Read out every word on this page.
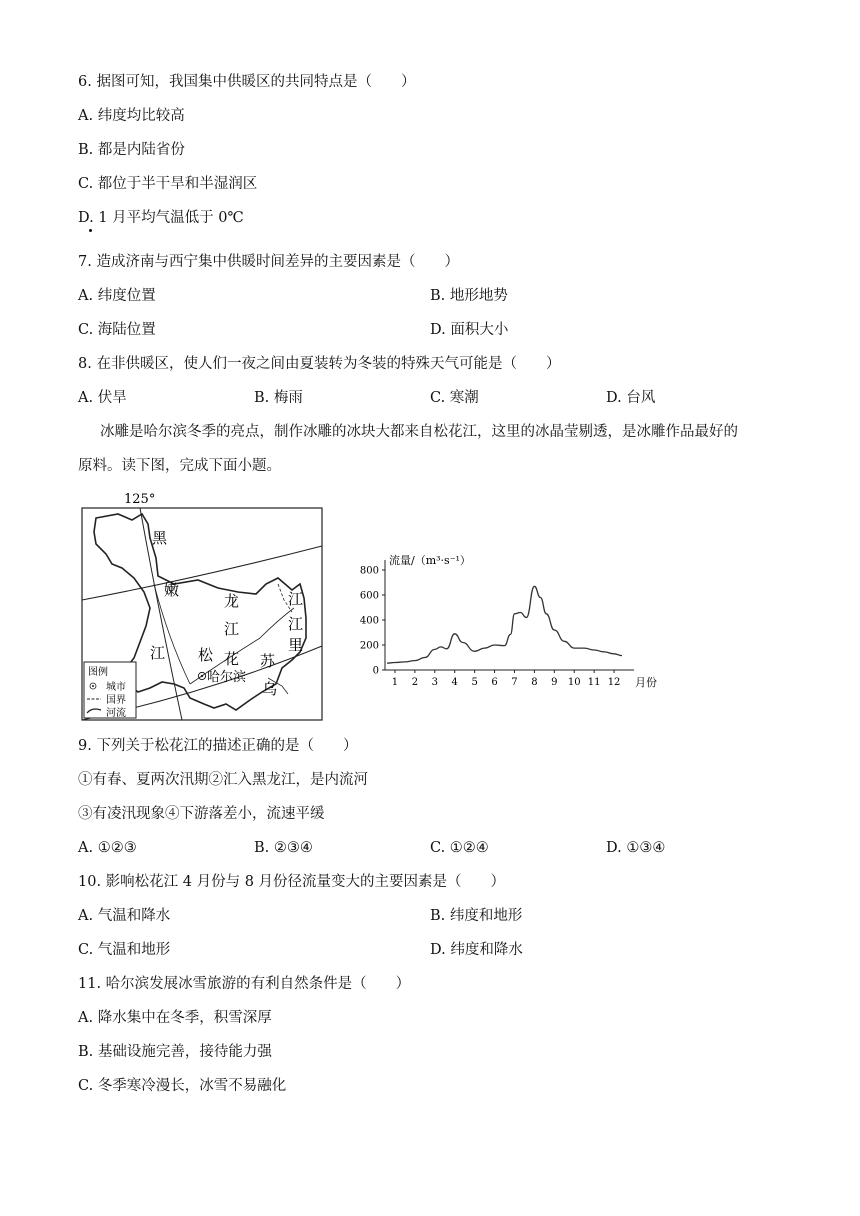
6. 据图可知，我国集中供暖区的共同特点是（　　）
A. 纬度均比较高
B. 都是内陆省份
C. 都位于半干旱和半湿润区
D. 1 月平均气温低于 0℃
7. 造成济南与西宁集中供暖时间差异的主要因素是（　　）
A. 纬度位置	B. 地形地势
C. 海陆位置	D. 面积大小
8. 在非供暖区，使人们一夜之间由夏装转为冬装的特殊天气可能是（　　）
A. 伏旱	B. 梅雨	C. 寒潮	D. 台风
冰雕是哈尔滨冬季的亮点，制作冰雕的冰块大都来自松花江，这里的冰晶莹剔透，是冰雕作品最好的
原料。读下图，完成下面小题。
125°
黑
嫩
龙
江
江
花
江 松	苏
里
乌
江
哈尔滨
图例
城市
国界
河流
0
200
400
600
800
1 2 3 4 5 6 7 8 9 10 11 12
流量/（m³·s⁻¹）
月份
9. 下列关于松花江的描述正确的是（　　）
①有春、夏两次汛期②汇入黑龙江，是内流河
③有凌汛现象④下游落差小，流速平缓
A. ①②③	B. ②③④	C. ①②④	D. ①③④
10. 影响松花江 4 月份与 8 月份径流量变大的主要因素是（　　）
A. 气温和降水	B. 纬度和地形
C. 气温和地形	D. 纬度和降水
11. 哈尔滨发展冰雪旅游的有利自然条件是（　　）
A. 降水集中在冬季，积雪深厚
B. 基础设施完善，接待能力强
C. 冬季寒冷漫长，冰雪不易融化
